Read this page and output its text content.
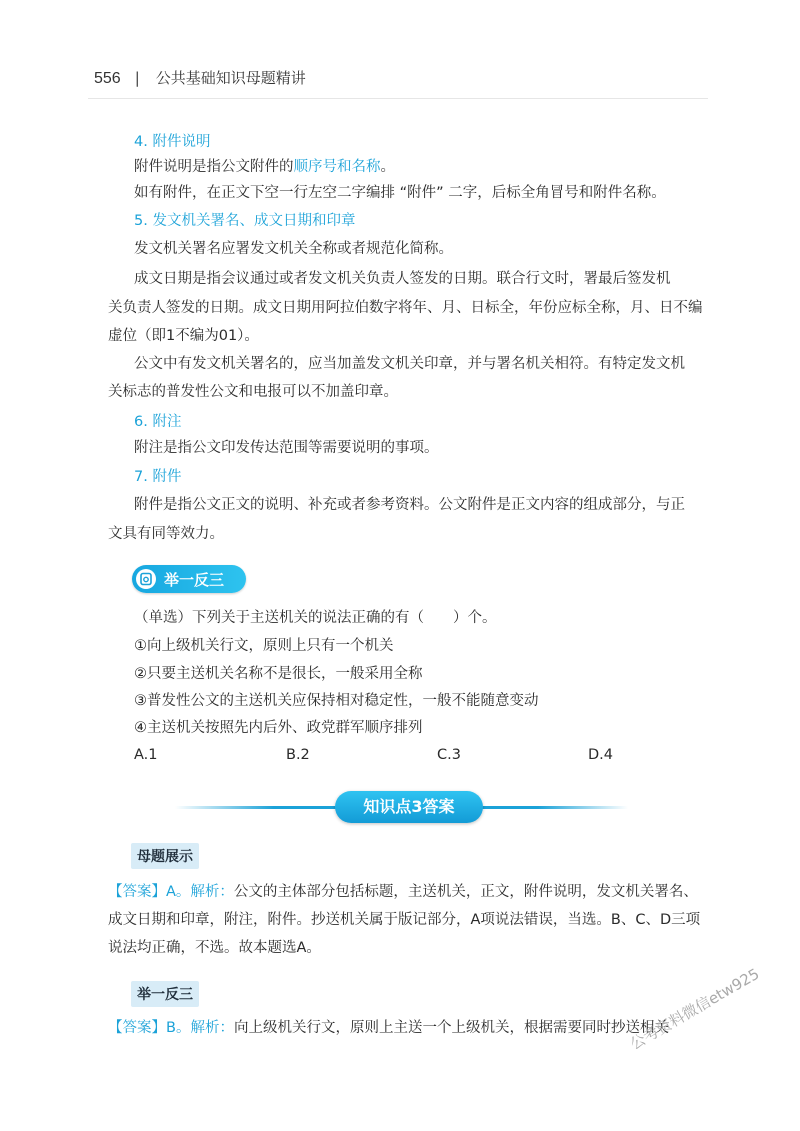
556 | 公共基础知识母题精讲
4. 附件说明
附件说明是指公文附件的顺序号和名称。
如有附件，在正文下空一行左空二字编排 “附件” 二字，后标全角冒号和附件名称。
5. 发文机关署名、成文日期和印章
发文机关署名应署发文机关全称或者规范化简称。
成文日期是指会议通过或者发文机关负责人签发的日期。联合行文时，署最后签发机
关负责人签发的日期。成文日期用阿拉伯数字将年、月、日标全，年份应标全称，月、日不编
虚位（即1不编为01）。
公文中有发文机关署名的，应当加盖发文机关印章，并与署名机关相符。有特定发文机
关标志的普发性公文和电报可以不加盖印章。
6. 附注
附注是指公文印发传达范围等需要说明的事项。
7. 附件
附件是指公文正文的说明、补充或者参考资料。公文附件是正文内容的组成部分，与正
文具有同等效力。
举一反三
（单选）下列关于主送机关的说法正确的有（　　）个。
①向上级机关行文，原则上只有一个机关
②只要主送机关名称不是很长，一般采用全称
③普发性公文的主送机关应保持相对稳定性，一般不能随意变动
④主送机关按照先内后外、政党群军顺序排列
A.1	B.2	C.3	D.4
知识点3答案
母题展示
【答案】A。解析：公文的主体部分包括标题，主送机关，正文，附件说明，发文机关署名、
成文日期和印章，附注，附件。抄送机关属于版记部分，A项说法错误，当选。B、C、D三项
说法均正确，不选。故本题选A。
举一反三
【答案】B。解析：向上级机关行文，原则上主送一个上级机关，根据需要同时抄送相关
公考资料微信etw925
